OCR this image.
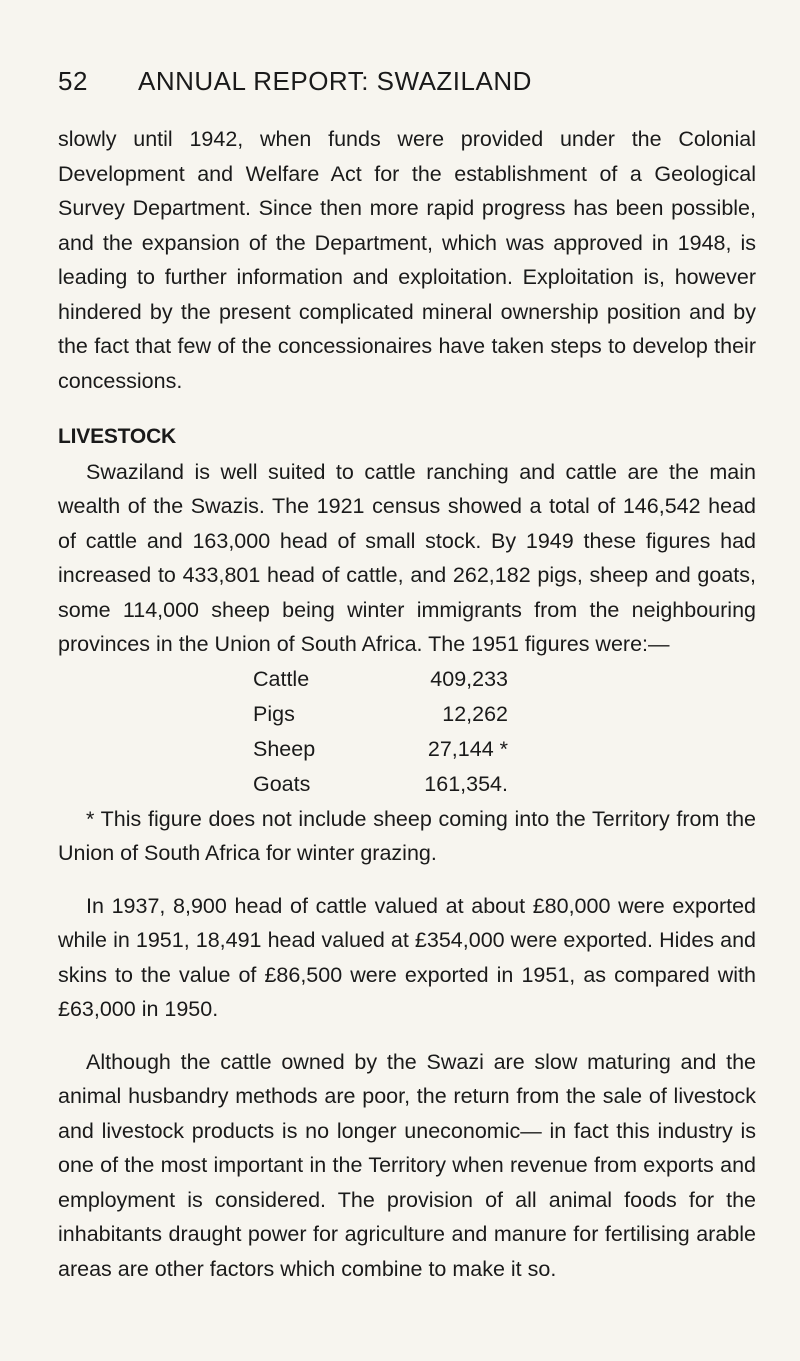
52 ANNUAL REPORT: SWAZILAND

slowly until 1942, when funds were provided under the Colonial Development and Welfare Act for the establishment of a Geological Survey Department. Since then more rapid progress has been possible, and the expansion of the Department, which was approved in 1948, is leading to further information and exploitation. Exploitation is, however hindered by the present complicated mineral ownership position and by the fact that few of the concessionaires have taken steps to develop their concessions.

LIVESTOCK

Swaziland is well suited to cattle ranching and cattle are the main wealth of the Swazis. The 1921 census showed a total of 146,542 head of cattle and 163,000 head of small stock. By 1949 these figures had increased to 433,801 head of cattle, and 262,182 pigs, sheep and goats, some 114,000 sheep being winter immigrants from the neighbouring provinces in the Union of South Africa. The 1951 figures were:—

Cattle	409,233
Pigs	12,262
Sheep	27,144 *
Goats	161,354.

* This figure does not include sheep coming into the Territory from the Union of South Africa for winter grazing.

In 1937, 8,900 head of cattle valued at about £80,000 were exported while in 1951, 18,491 head valued at £354,000 were exported. Hides and skins to the value of £86,500 were exported in 1951, as compared with £63,000 in 1950.

Although the cattle owned by the Swazi are slow maturing and the animal husbandry methods are poor, the return from the sale of livestock and livestock products is no longer uneconomic— in fact this industry is one of the most important in the Territory when revenue from exports and employment is considered. The provision of all animal foods for the inhabitants draught power for agriculture and manure for fertilising arable areas are other factors which combine to make it so.
